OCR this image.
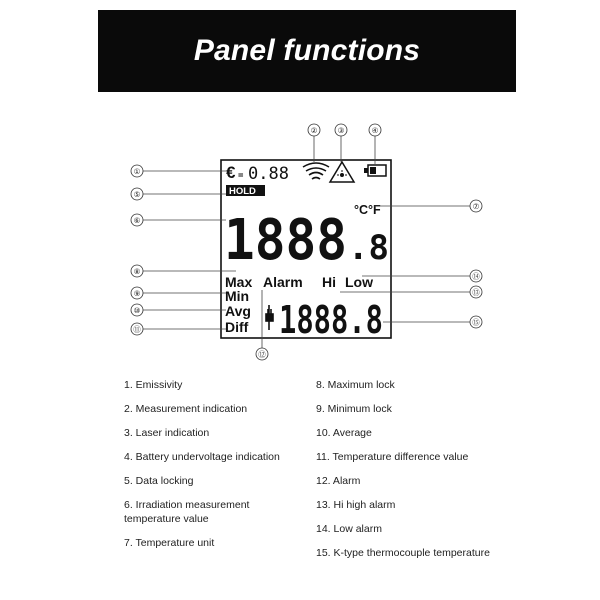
Panel functions
€ = 0.88
HOLD
1888 .8
°C°F
Max Alarm Hi Low
Min
Avg
Diff 1888.8
①
②	③	④
⑤
⑥
⑦
⑧
⑨
⑩
⑪
⑫
⑬
⑭
⑮
1. Emissivity
2. Measurement indication
3. Laser indication
4. Battery undervoltage indication
5. Data locking
6. Irradiation measurement temperature value
7. Temperature unit
8. Maximum lock
9. Minimum lock
10. Average
11. Temperature difference value
12. Alarm
13. Hi high alarm
14. Low alarm
15. K-type thermocouple temperature
